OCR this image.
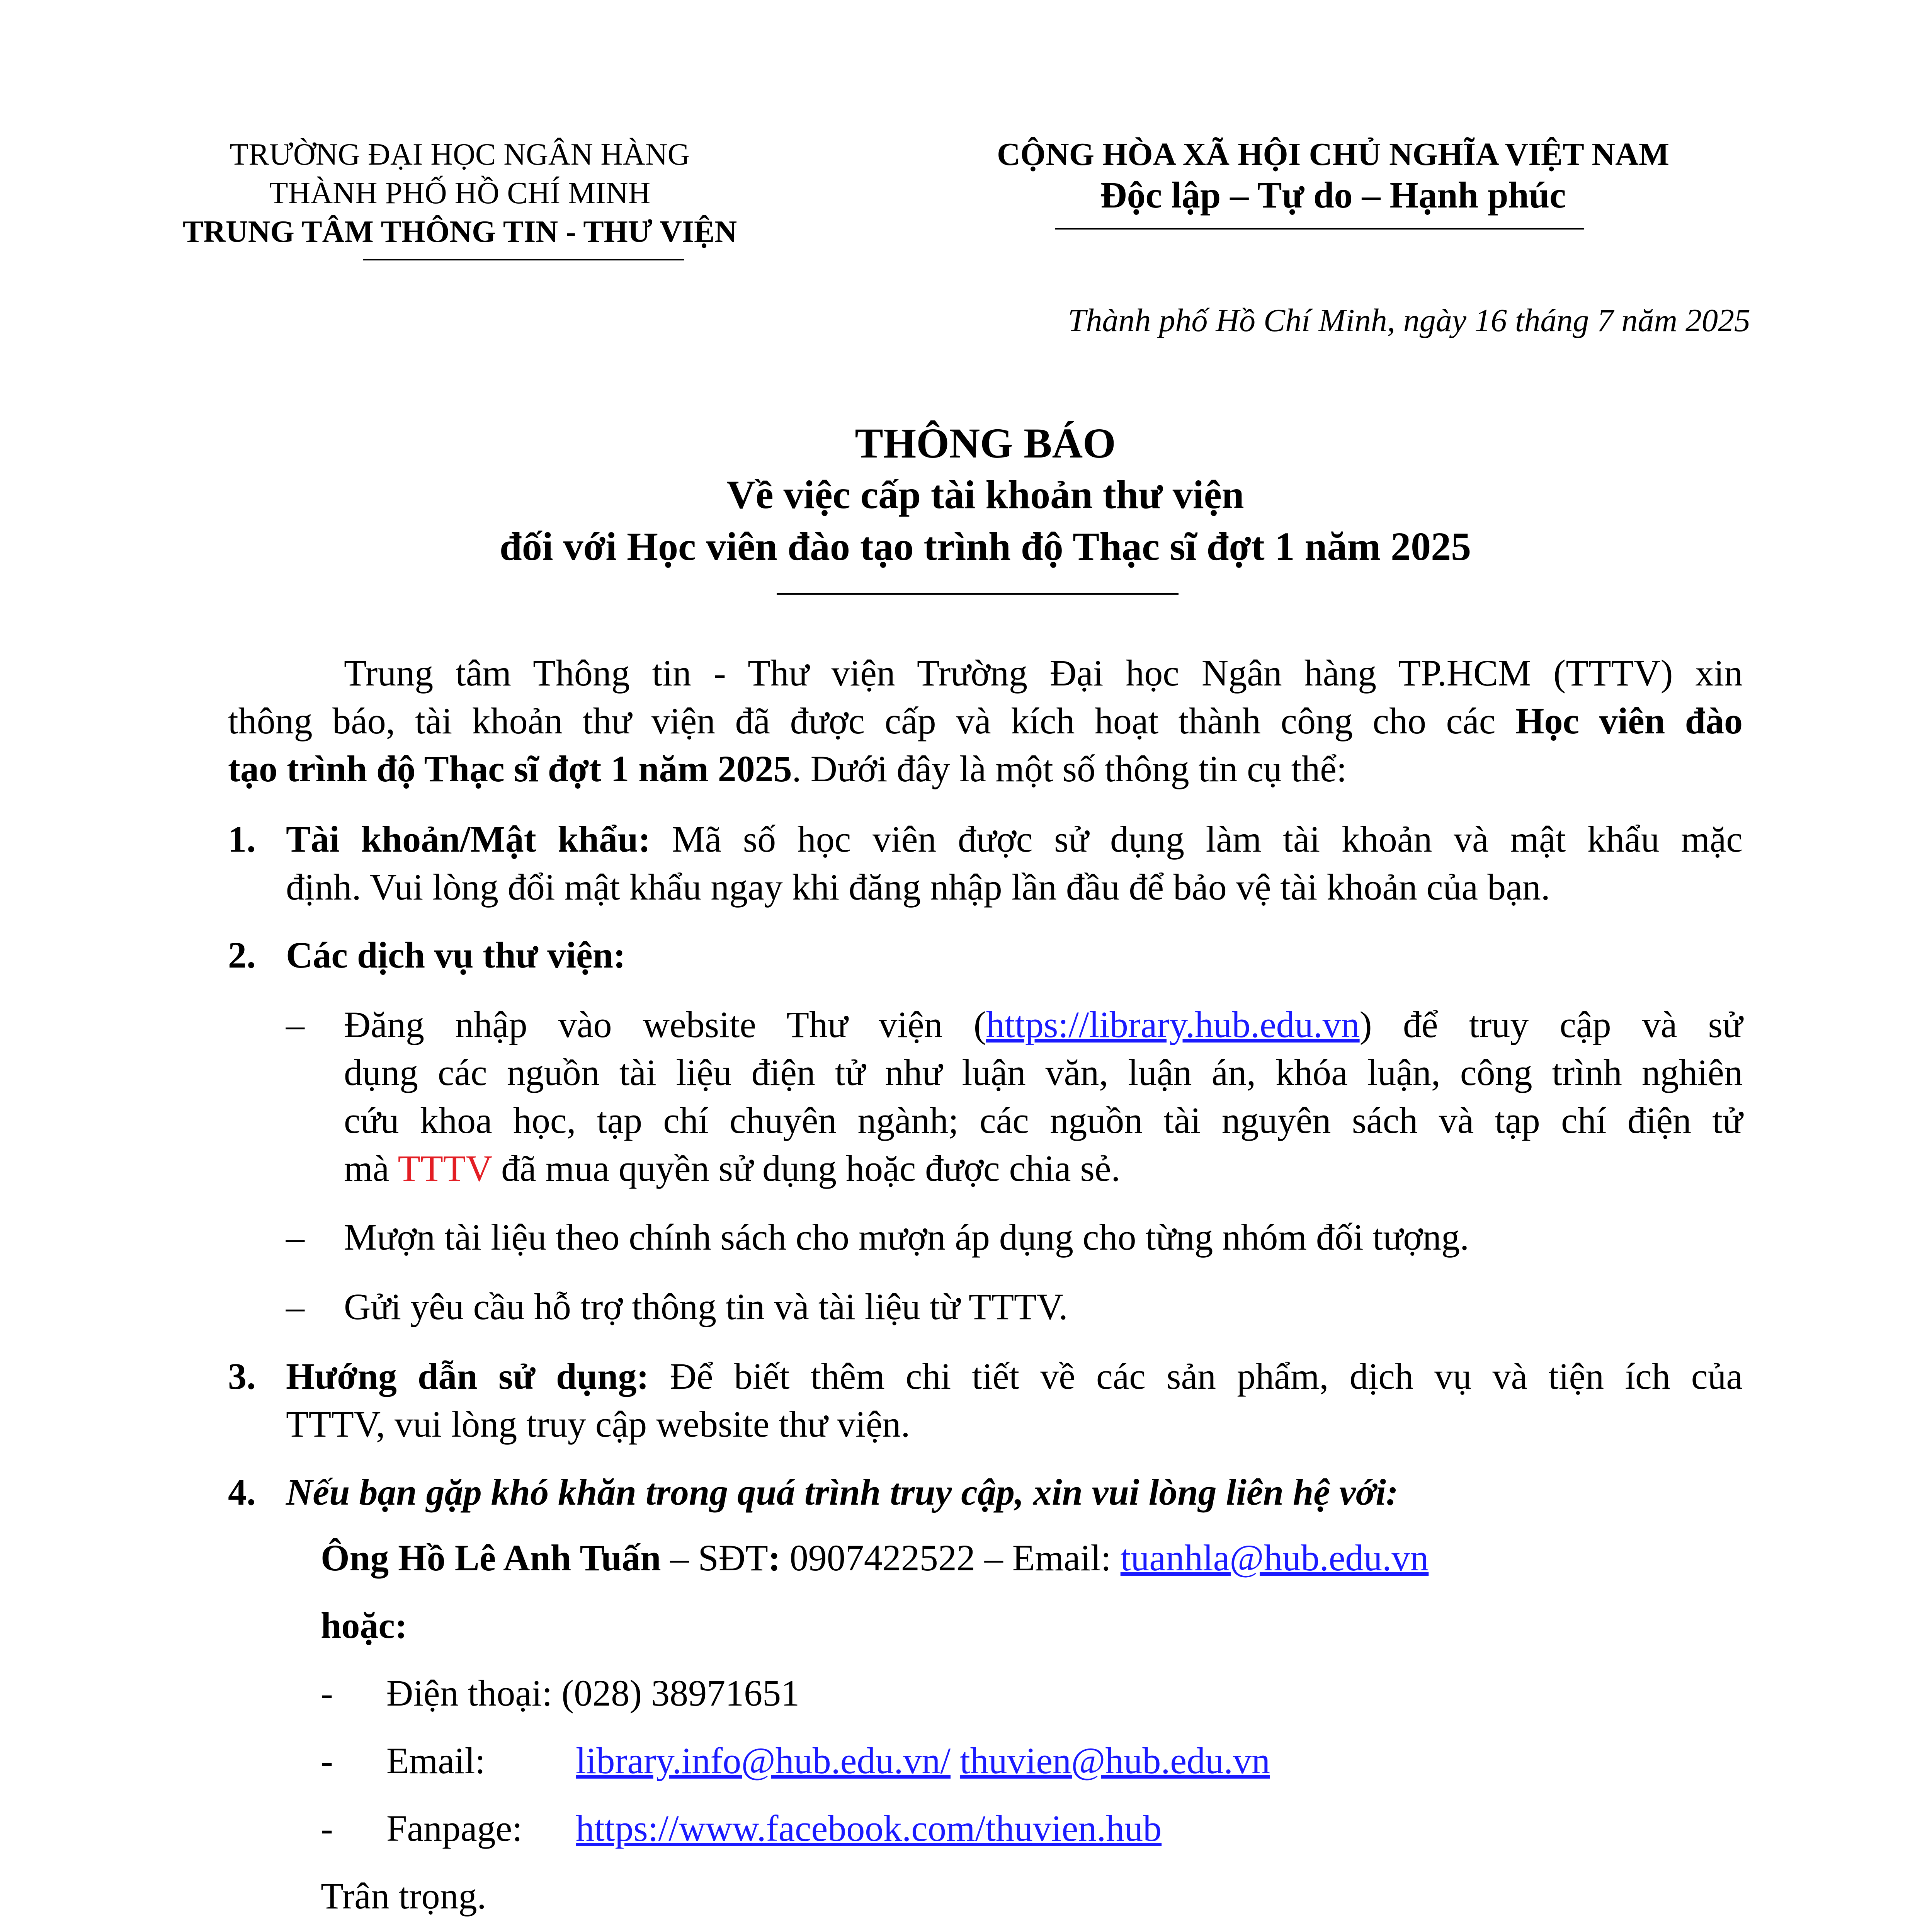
TRƯỜNG ĐẠI HỌC NGÂN HÀNG
THÀNH PHỐ HỒ CHÍ MINH
TRUNG TÂM THÔNG TIN - THƯ VIỆN
CỘNG HÒA XÃ HỘI CHỦ NGHĨA VIỆT NAM
Độc lập – Tự do – Hạnh phúc
Thành phố Hồ Chí Minh, ngày 16 tháng 7 năm 2025
THÔNG BÁO
Về việc cấp tài khoản thư viện
đối với Học viên đào tạo trình độ Thạc sĩ đợt 1 năm 2025
Trung tâm Thông tin - Thư viện Trường Đại học Ngân hàng TP.HCM (TTTV) xin
thông báo, tài khoản thư viện đã được cấp và kích hoạt thành công cho các Học viên đào
tạo trình độ Thạc sĩ đợt 1 năm 2025. Dưới đây là một số thông tin cụ thể:
1. Tài khoản/Mật khẩu: Mã số học viên được sử dụng làm tài khoản và mật khẩu mặc
định. Vui lòng đổi mật khẩu ngay khi đăng nhập lần đầu để bảo vệ tài khoản của bạn.
2. Các dịch vụ thư viện:
– Đăng nhập vào website Thư viện (https://library.hub.edu.vn) để truy cập và sử
dụng các nguồn tài liệu điện tử như luận văn, luận án, khóa luận, công trình nghiên
cứu khoa học, tạp chí chuyên ngành; các nguồn tài nguyên sách và tạp chí điện tử
mà TTTV đã mua quyền sử dụng hoặc được chia sẻ.
–	Mượn tài liệu theo chính sách cho mượn áp dụng cho từng nhóm đối tượng.
–	Gửi yêu cầu hỗ trợ thông tin và tài liệu từ TTTV.
3. Hướng dẫn sử dụng: Để biết thêm chi tiết về các sản phẩm, dịch vụ và tiện ích của
TTTV, vui lòng truy cập website thư viện.
4. Nếu bạn gặp khó khăn trong quá trình truy cập, xin vui lòng liên hệ với:
Ông Hồ Lê Anh Tuấn – SĐT: 0907422522 – Email: tuanhla@hub.edu.vn
hoặc:
- Điện thoại: (028) 38971651
- Email: library.info@hub.edu.vn/ thuvien@hub.edu.vn
- Fanpage: https://www.facebook.com/thuvien.hub
Trân trọng.
